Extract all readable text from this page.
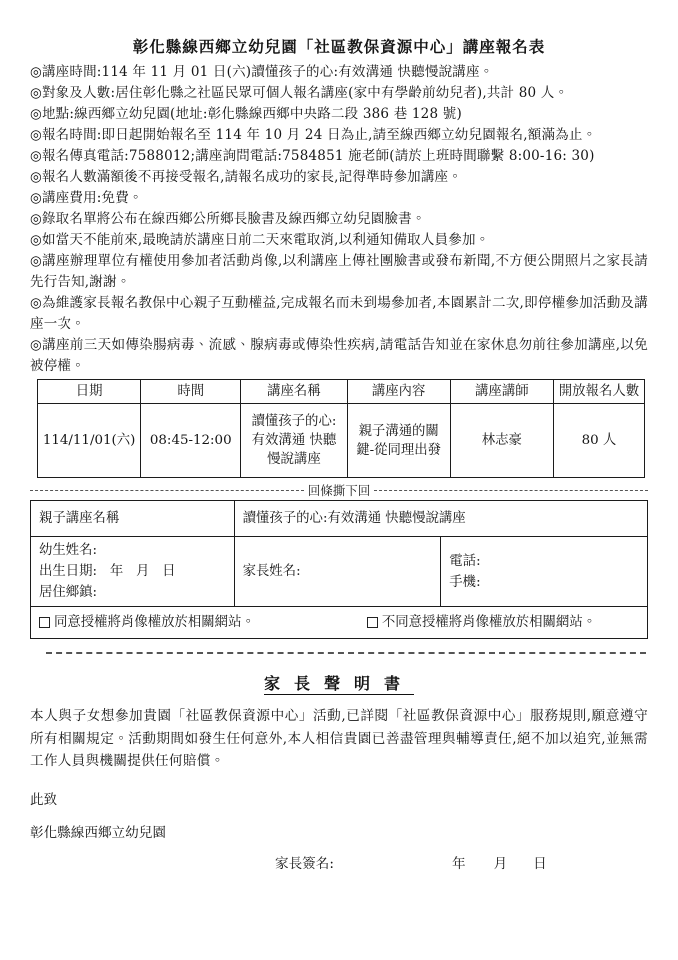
彰化縣線西鄉立幼兒園「社區教保資源中心」講座報名表

◎講座時間:114 年 11 月 01 日(六)讀懂孩子的心:有效溝通 快聽慢說講座。

◎對象及人數:居住彰化縣之社區民眾可個人報名講座(家中有學齡前幼兒者),共計 80 人。

◎地點:線西鄉立幼兒園(地址:彰化縣線西鄉中央路二段 386 巷 128 號)

◎報名時間:即日起開始報名至 114 年 10 月 24 日為止,請至線西鄉立幼兒園報名,額滿為止。

◎報名傳真電話:7588012;講座詢問電話:7584851 施老師(請於上班時間聯繫 8:00-16: 30)

◎報名人數滿額後不再接受報名,請報名成功的家長,記得準時參加講座。

◎講座費用:免費。

◎錄取名單將公布在線西鄉公所鄉長臉書及線西鄉立幼兒園臉書。

◎如當天不能前來,最晚請於講座日前二天來電取消,以利通知備取人員參加。

◎講座辦理單位有權使用參加者活動肖像,以利講座上傳社團臉書或發布新聞,不方便公開照片之家長請先行告知,謝謝。

◎為維護家長報名教保中心親子互動權益,完成報名而未到場參加者,本園累計二次,即停權參加活動及講座一次。

◎講座前三天如傳染腸病毒、流感、腺病毒或傳染性疾病,請電話告知並在家休息勿前往參加講座,以免被停權。

日期	時間	講座名稱	講座內容	講座講師	開放報名人數
114/11/01(六)	08:45-12:00	讀懂孩子的心:有效溝通 快聽慢說講座	親子溝通的關鍵-從同理出發	林志豪	80 人
回條撕下回
親子講座名稱	讀懂孩子的心:有效溝通 快聽慢說講座	

幼生姓名:
出生日期:   年   月   日
居住鄉鎮:
	家長姓名:	
電話:
手機:

同意授權將肖像權放於相關網站。 不同意授權將肖像權放於相關網站。		
家長聲明書

本人與子女想參加貴園「社區教保資源中心」活動,已詳閱「社區教保資源中心」服務規則,願意遵守所有相關規定。活動期間如發生任何意外,本人相信貴園已善盡管理與輔導責任,絕不加以追究,並無需工作人員與機關提供任何賠償。

此致

彰化縣線西鄉立幼兒園

家長簽名:	年 月 日
